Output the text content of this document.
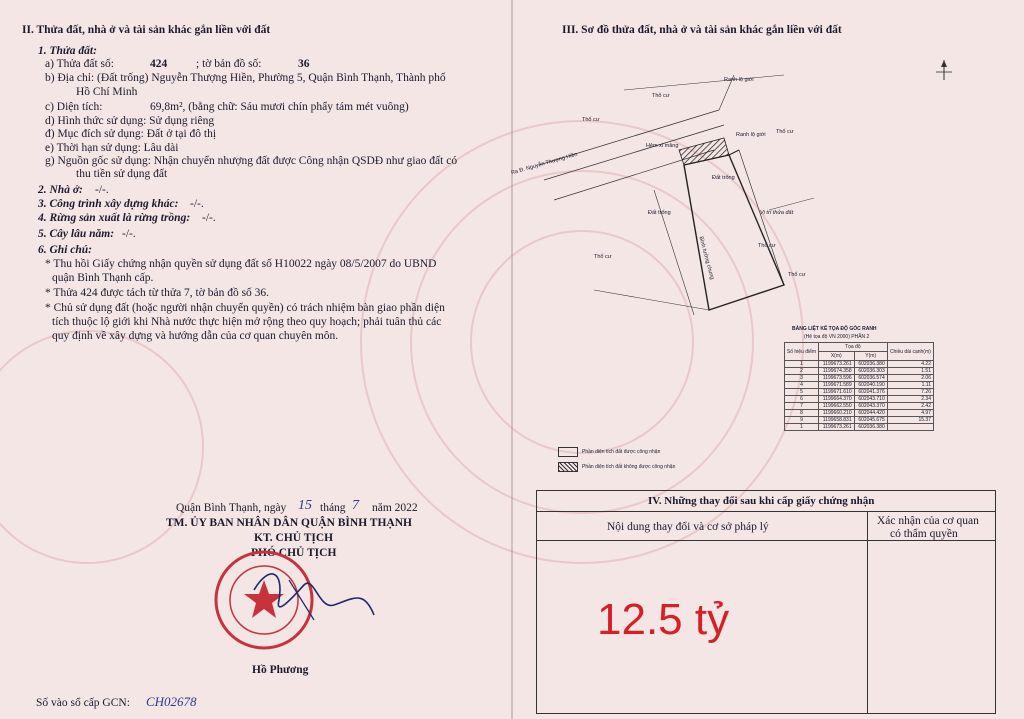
II. Thửa đất, nhà ở và tài sản khác gắn liền với đất
1. Thửa đất:
a) Thửa đất số:	424	; tờ bản đồ số:	36
b) Địa chỉ: (Đất trống) Nguyễn Thượng Hiền, Phường 5, Quận Bình Thạnh, Thành phố
Hồ Chí Minh
c) Diện tích:	69,8m², (bằng chữ: Sáu mươi chín phẩy tám mét vuông)
d) Hình thức sử dụng: Sử dụng riêng
đ) Mục đích sử dụng: Đất ở tại đô thị
e) Thời hạn sử dụng: Lâu dài
g) Nguồn gốc sử dụng: Nhận chuyển nhượng đất được Công nhận QSDĐ như giao đất có
thu tiền sử dụng đất
2. Nhà ở: -/-.
3. Công trình xây dựng khác: -/-.
4. Rừng sản xuất là rừng trồng: -/-.
5. Cây lâu năm: -/-.
6. Ghi chú:
* Thu hồi Giấy chứng nhận quyền sử dụng đất số H10022 ngày 08/5/2007 do UBND
quận Bình Thạnh cấp.
* Thửa 424 được tách từ thửa 7, tờ bản đồ số 36.
* Chủ sử dụng đất (hoặc người nhận chuyển quyền) có trách nhiệm bàn giao phần diện
tích thuộc lộ giới khi Nhà nước thực hiện mở rộng theo quy hoạch; phải tuân thủ các
quy định về xây dựng và hướng dẫn của cơ quan chuyên môn.
Quận Bình Thạnh, ngày 15 tháng 7 năm 2022
TM. ỦY BAN NHÂN DÂN QUẬN BÌNH THẠNH
KT. CHỦ TỊCH
PHÓ CHỦ TỊCH
Hồ Phương
Số vào sổ cấp GCN: CH02678
III. Sơ đồ thửa đất, nhà ở và tài sản khác gắn liền với đất
Thổ cư
Ranh lộ giới
Thổ cư
Ranh lộ giới Thổ cư
Hẻm xi măng
Ra Đ. Nguyễn Thượng Hiền
Đất trống
Đất trống	Vị trí thửa đất
Thổ cư
Thổ cư
Thổ cư
Bình tường chung
BẢNG LIỆT KÊ TỌA ĐỘ GÓC RANH
(Hệ tọa độ VN 2000) PHẦN 2
Số hiệu điểm	Tọa độ		Chiều dài cạnh(m)
	X(m)	Y(m)	
1	1199673.261	602036.380	4.22
2	1199674.358	602036.303	1.51
3	1199673.596	602036.574	2.06
4	1199671.589	602040.190	1.11
5	1199671.610	602041.376	7.26
6	1199664.370	602043.710	2.34
7	1199662.550	602043.370	2.42
8	1199660.210	602044.420	4.97
9	1199658.831	602045.675	15.37
1	1199673.261	602036.380	
Phần diện tích đất được công nhận
Phần diện tích đất không được công nhận
IV. Những thay đổi sau khi cấp giấy chứng nhận
Nội dung thay đổi và cơ sở pháp lý	Xác nhận của cơ quan
có thẩm quyền
12.5 tỷ
